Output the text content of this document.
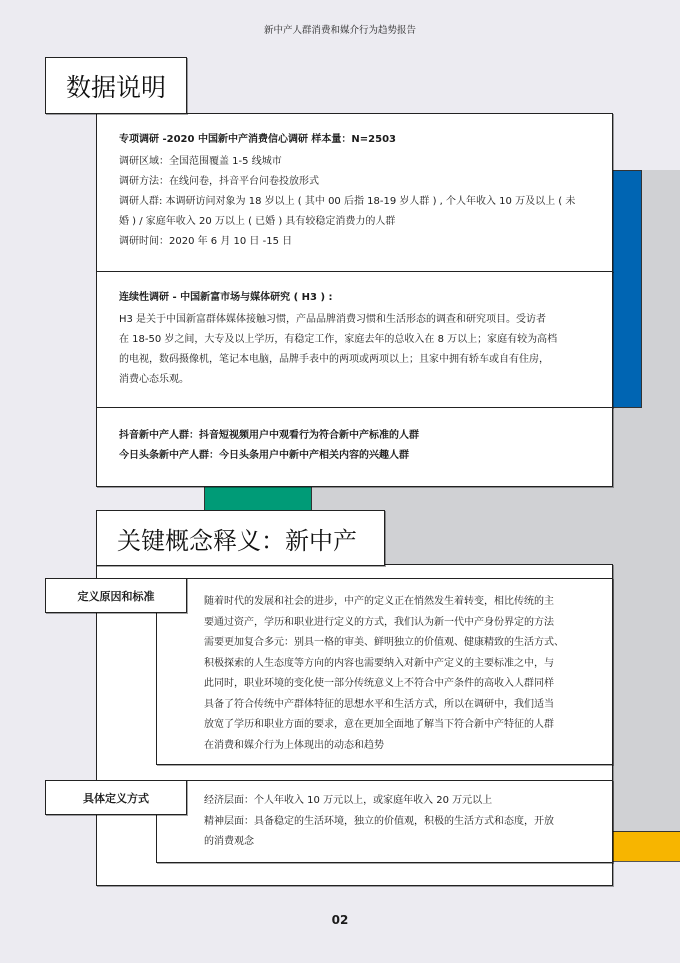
新中产人群消费和媒介行为趋势报告
专项调研 -2020 中国新中产消费信心调研 样本量：N=2503
调研区域：全国范围覆盖 1-5 线城市
调研方法：在线问卷，抖音平台问卷投放形式
调研人群: 本调研访问对象为 18 岁以上 ( 其中 00 后指 18-19 岁人群 ) , 个人年收入 10 万及以上 ( 未
婚 ) / 家庭年收入 20 万以上 ( 已婚 ) 具有较稳定消费力的人群
调研时间：2020 年 6 月 10 日 -15 日
连续性调研 - 中国新富市场与媒体研究 ( H3 ) :
H3 是关于中国新富群体媒体接触习惯，产品品牌消费习惯和生活形态的调查和研究项目。受访者
在 18-50 岁之间，大专及以上学历，有稳定工作，家庭去年的总收入在 8 万以上；家庭有较为高档
的电视，数码摄像机，笔记本电脑，品牌手表中的两项或两项以上；且家中拥有轿车或自有住房，
消费心态乐观。
抖音新中产人群：抖音短视频用户中观看行为符合新中产标准的人群
今日头条新中产人群：今日头条用户中新中产相关内容的兴趣人群
数据说明
关键概念释义：新中产
随着时代的发展和社会的进步，中产的定义正在悄然发生着转变，相比传统的主
要通过资产，学历和职业进行定义的方式，我们认为新一代中产身份界定的方法
需要更加复合多元：别具一格的审美、鲜明独立的价值观、健康精致的生活方式、
积极探索的人生态度等方向的内容也需要纳入对新中产定义的主要标准之中，与
此同时，职业环境的变化使一部分传统意义上不符合中产条件的高收入人群同样
具备了符合传统中产群体特征的思想水平和生活方式，所以在调研中，我们适当
放宽了学历和职业方面的要求，意在更加全面地了解当下符合新中产特征的人群
在消费和媒介行为上体现出的动态和趋势
定义原因和标准
经济层面：个人年收入 10 万元以上，或家庭年收入 20 万元以上
精神层面：具备稳定的生活环境，独立的价值观，积极的生活方式和态度，开放
的消费观念
具体定义方式
02
